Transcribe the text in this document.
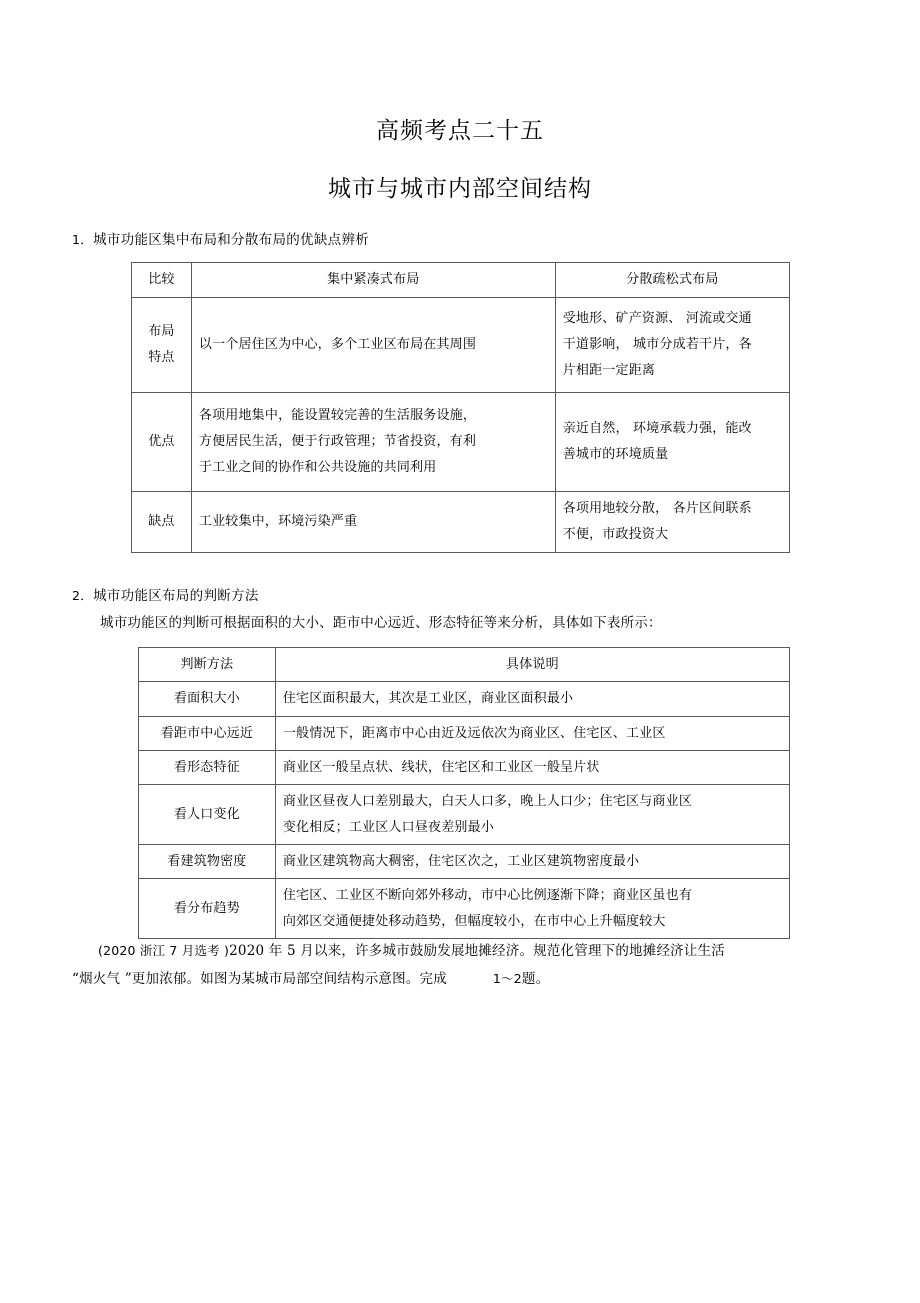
高频考点二十五
城市与城市内部空间结构
1．城市功能区集中布局和分散布局的优缺点辨析
比较	集中紧凑式布局	分散疏松式布局

布局
特点	以一个居住区为中心，多个工业区布局在其周围	受地形、矿产资源、 河流或交通
干道影响， 城市分成若干片，各
片相距一定距离

优点	各项用地集中，能设置较完善的生活服务设施，
方便居民生活，便于行政管理；节省投资，有利
于工业之间的协作和公共设施的共同利用	亲近自然， 环境承载力强，能改
善城市的环境质量

缺点	工业较集中，环境污染严重	各项用地较分散， 各片区间联系
不便，市政投资大
2．城市功能区布局的判断方法
城市功能区的判断可根据面积的大小、距市中心远近、形态特征等来分析，具体如下表所示：
判断方法	具体说明

看面积大小	住宅区面积最大，其次是工业区，商业区面积最小

看距市中心远近	一般情况下，距离市中心由近及远依次为商业区、住宅区、工业区

看形态特征	商业区一般呈点状、线状，住宅区和工业区一般呈片状

看人口变化	商业区昼夜人口差别最大，白天人口多，晚上人口少；住宅区与商业区
变化相反；工业区人口昼夜差别最小

看建筑物密度	商业区建筑物高大稠密，住宅区次之，工业区建筑物密度最小

看分布趋势	住宅区、工业区不断向郊外移动，市中心比例逐渐下降；商业区虽也有
向郊区交通便捷处移动趋势，但幅度较小，在市中心上升幅度较大
(2020 浙江 7 月选考 )2020 年 5 月以来，许多城市鼓励发展地摊经济。规范化管理下的地摊经济让生活
“烟火气 ”更加浓郁。如图为某城市局部空间结构示意图。完成	1～2题。
